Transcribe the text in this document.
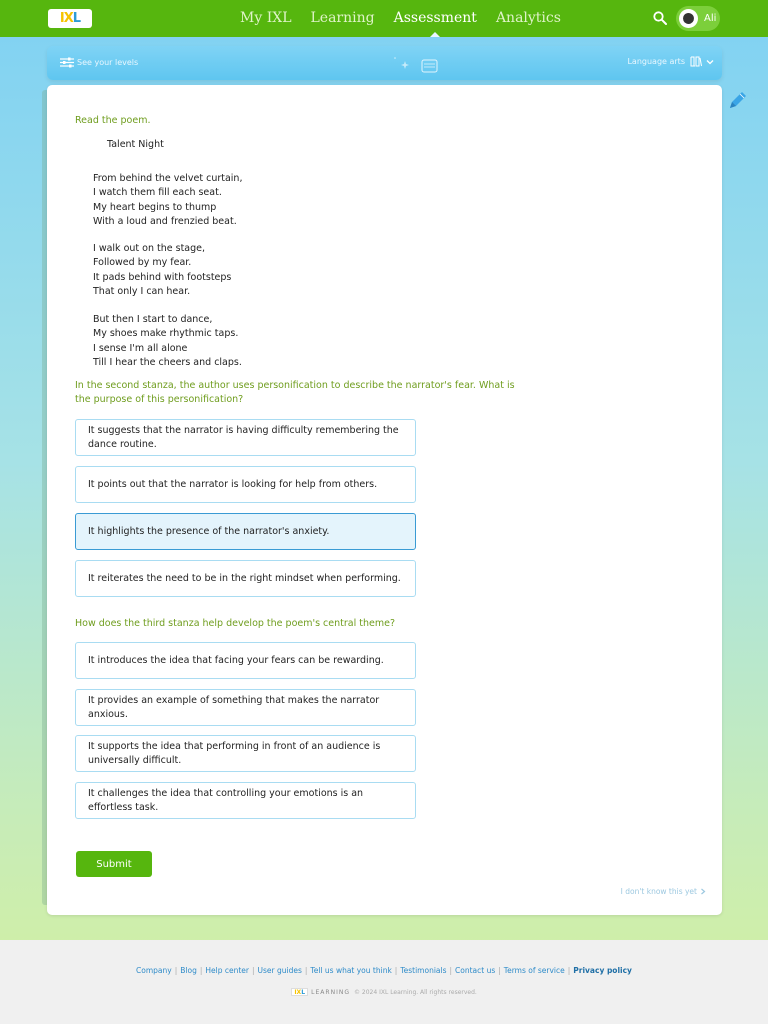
IX L	My IXL Learning Assessment Analytics	Ali
See your levels	Language arts
Read the poem.
Talent Night
From behind the velvet curtain,
I watch them fill each seat.
My heart begins to thump
With a loud and frenzied beat.
I walk out on the stage,
Followed by my fear.
It pads behind with footsteps
That only I can hear.
But then I start to dance,
My shoes make rhythmic taps.
I sense I'm all alone
Till I hear the cheers and claps.
In the second stanza, the author uses personification to describe the narrator's fear. What is the purpose of this personification?
It suggests that the narrator is having difficulty remembering the dance routine.
It points out that the narrator is looking for help from others.
It highlights the presence of the narrator's anxiety.
It reiterates the need to be in the right mindset when performing.
How does the third stanza help develop the poem's central theme?
It introduces the idea that facing your fears can be rewarding.
It provides an example of something that makes the narrator anxious.
It supports the idea that performing in front of an audience is universally difficult.
It challenges the idea that controlling your emotions is an effortless task.
Submit
I don't know this yet
Company | Blog | Help center | User guides | Tell us what you think | Testimonials | Contact us | Terms of service | Privacy policy
IX L LEARNING © 2024 IXL Learning. All rights reserved.
